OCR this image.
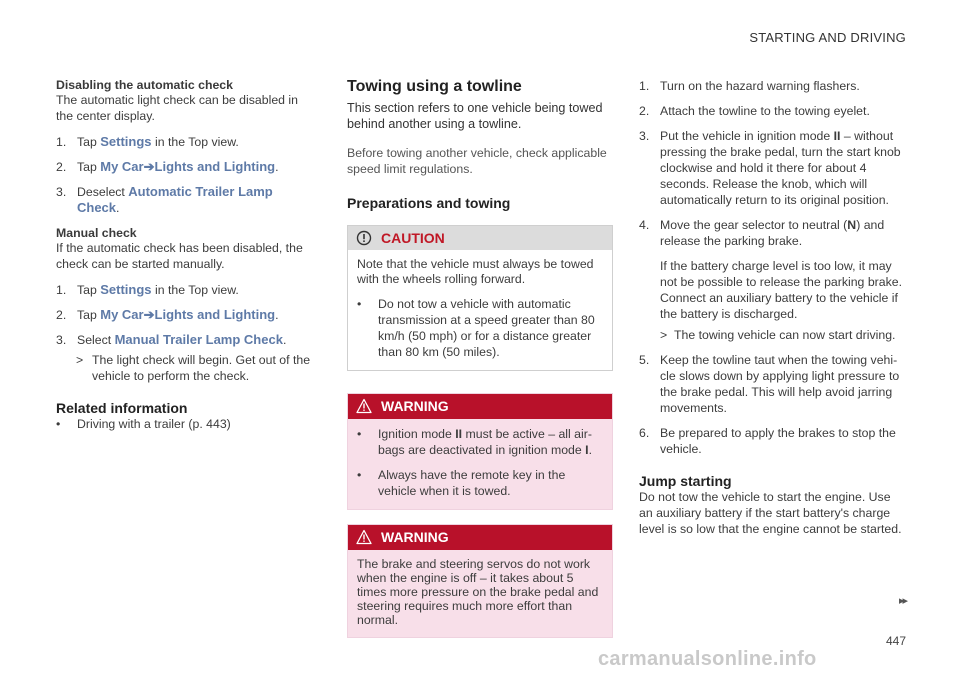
STARTING AND DRIVING

Disabling the automatic check

The automatic light check can be disabled in the center display.

1. Tap Settings in the Top view.
2. Tap My Car➔Lights and Lighting.
3. Deselect Automatic Trailer Lamp Check.

Manual check

If the automatic check has been disabled, the check can be started manually.

1. Tap Settings in the Top view.
2. Tap My Car➔Lights and Lighting.
3. Select Manual Trailer Lamp Check.
> The light check will begin. Get out of the vehicle to perform the check.

Related information

•	Driving with a trailer (p. 443)

Towing using a towline

This section refers to one vehicle being towed behind another using a towline.

Before towing another vehicle, check applicable speed limit regulations.

Preparations and towing

CAUTION

Note that the vehicle must always be towed with the wheels rolling forward.

•	Do not tow a vehicle with automatic transmission at a speed greater than 80 km/h (50 mph) or for a distance greater than 80 km (50 miles).
WARNING
•	Ignition mode II must be active – all air-bags are deactivated in ignition mode I.
•	Always have the remote key in the vehicle when it is towed.
WARNING

The brake and steering servos do not work when the engine is off – it takes about 5 times more pressure on the brake pedal and steering requires much more effort than normal.

1. Turn on the hazard warning flashers.
2. Attach the towline to the towing eyelet.
3. Put the vehicle in ignition mode II – without pressing the brake pedal, turn the start knob clockwise and hold it there for about 4 seconds. Release the knob, which will automatically return to its original position.
4. Move the gear selector to neutral (N) and release the parking brake.

If the battery charge level is too low, it may not be possible to release the parking brake. Connect an auxiliary battery to the vehicle if the battery is discharged.

> The towing vehicle can now start driving.
5. Keep the towline taut when the towing vehi-cle slows down by applying light pressure to the brake pedal. This will help avoid jarring movements.
6. Be prepared to apply the brakes to stop the vehicle.

Jump starting

Do not tow the vehicle to start the engine. Use an auxiliary battery if the start battery's charge level is so low that the engine cannot be started.

▸▸
447
carmanualsonline.info
